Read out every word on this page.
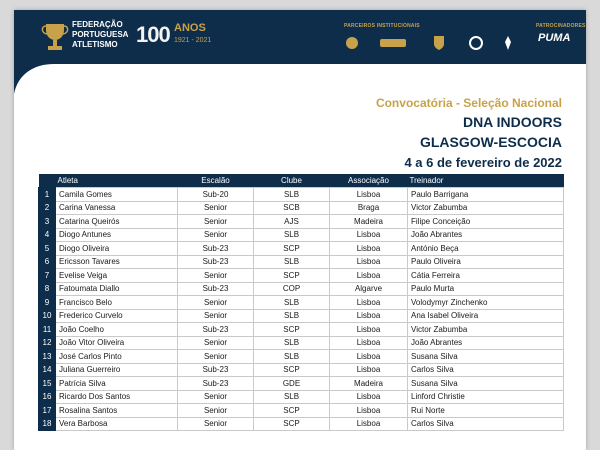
FEDERAÇÃO
PORTUGUESA
ATLETISMO 100 ANOS
1921 - 2021
PARCEIROS INSTITUCIONAIS	PATROCINADORES
PUMA
Convocatória - Seleção Nacional
DNA INDOORS
GLASGOW-ESCOCIA
4 a 6 de fevereiro de 2022
	Atleta	Escalão	Clube	Associação	Treinador
1	Camila Gomes	Sub-20	SLB	Lisboa	Paulo Barrigana
2	Carina Vanessa	Senior	SCB	Braga	Victor Zabumba
3	Catarina Queirós	Senior	AJS	Madeira	Filipe Conceição
4	Diogo Antunes	Senior	SLB	Lisboa	João Abrantes
5	Diogo Oliveira	Sub-23	SCP	Lisboa	António Beça
6	Ericsson Tavares	Sub-23	SLB	Lisboa	Paulo Oliveira
7	Evelise Veiga	Senior	SCP	Lisboa	Cátia Ferreira
8	Fatoumata Diallo	Sub-23	COP	Algarve	Paulo Murta
9	Francisco Belo	Senior	SLB	Lisboa	Volodymyr Zinchenko
10	Frederico Curvelo	Senior	SLB	Lisboa	Ana Isabel Oliveira
11	João Coelho	Sub-23	SCP	Lisboa	Victor Zabumba
12	João Vitor Oliveira	Senior	SLB	Lisboa	João Abrantes
13	José Carlos Pinto	Senior	SLB	Lisboa	Susana Silva
14	Juliana Guerreiro	Sub-23	SCP	Lisboa	Carlos Silva
15	Patrícia Silva	Sub-23	GDE	Madeira	Susana Silva
16	Ricardo Dos Santos	Senior	SLB	Lisboa	Linford Christie
17	Rosalina Santos	Senior	SCP	Lisboa	Rui Norte
18	Vera Barbosa	Senior	SCP	Lisboa	Carlos Silva
